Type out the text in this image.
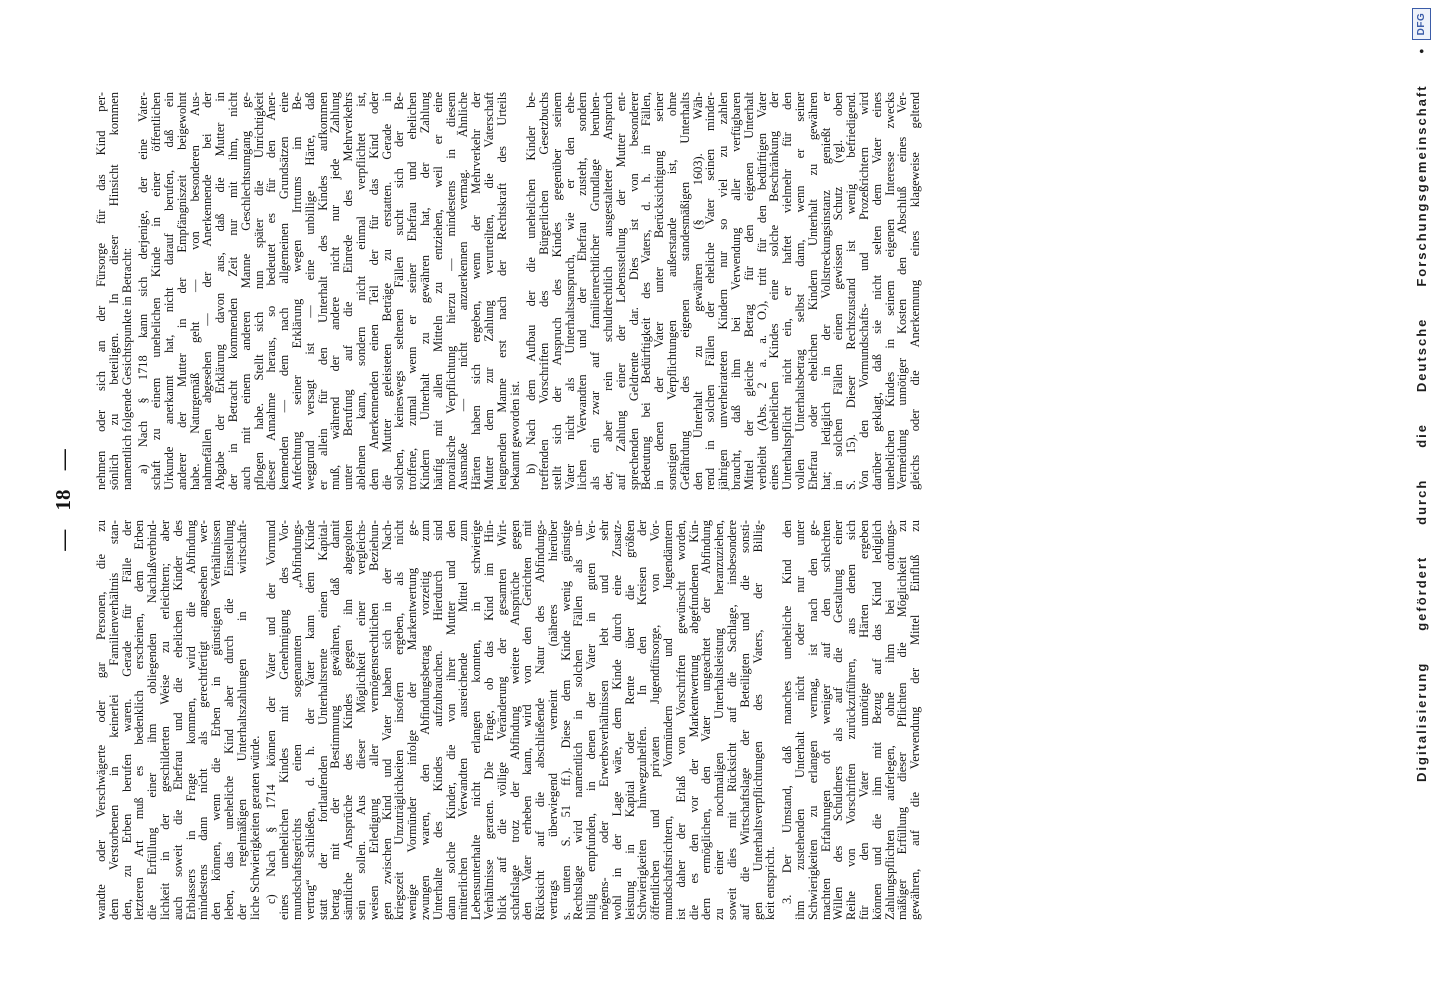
— 18 —
wandte oder Verschwägerte oder gar Personen, die zu
dem Verstorbenen in keinerlei Familienverhältnis stan-
den, zu Erben berufen waren. Gerade für Fälle der
letzteren Art muß es bedenklich erscheinen, dem Erben
die Erfüllung einer ihm obliegenden Nachlaßverbind-
lichkeit in der geschilderten Weise zu erleichtern; aber
auch soweit die Ehefrau und die ehelichen Kinder des
Erblassers in Frage kommen, wird die Abfindung
mindestens dann nicht als gerechtfertigt angesehen wer-
den können, wenn die Erben in günstigen Verhältnissen
leben, das uneheliche Kind aber durch die Einstellung
der regelmäßigen Unterhaltszahlungen in wirtschaft-
liche Schwierigkeiten geraten würde. c) Nach § 1714 können der Vater und der Vormund
eines unehelichen Kindes mit Genehmigung des Vor-
mundschaftsgerichts einen sogenannten „Abfindungs-
vertrag“ schließen, d. h. der Vater kann dem Kinde
statt der fortlaufenden Unterhaltsrente einen Kapital-
betrag mit der Bestimmung gewähren, daß damit
sämtliche Ansprüche des Kindes gegen ihn abgegolten
sein sollen. Aus dieser Möglichkeit einer vergleichs-
weisen Erledigung aller vermögensrechtlichen Beziehun-
gen zwischen Kind und Vater haben sich in der Nach-
kriegszeit Unzuträglichkeiten insofern ergeben, als nicht
wenige Vormünder infolge der Markentwertung ge-
zwungen waren, den Abfindungsbetrag vorzeitig zum
Unterhalte des Kindes aufzubrauchen. Hierdurch sind
dann solche Kinder, die von ihrer Mutter und den
mütterlichen Verwandten ausreichende Mittel zum
Lebensunterhalte nicht erlangen konnten, in schwierige
Verhältnisse geraten. Die Frage, ob das Kind im Hin-
blick auf die völlige Veränderung der gesamten Wirt-
schaftslage trotz der Abfindung weitere Ansprüche gegen
den Vater erheben kann, wird von den Gerichten mit
Rücksicht auf die abschließende Natur des Abfindungs-
vertrags überwiegend verneint (näheres hierüber
s. unten S. 51 ff.). Diese dem Kinde wenig günstige
Rechtslage wird namentlich in solchen Fällen als un-
billig empfunden, in denen der Vater in guten Ver-
mögens- oder Erwerbsverhältnissen lebt und sehr
wohl in der Lage wäre, dem Kinde durch eine Zusatz-
leistung in Kapital oder Rente über die größten
Schwierigkeiten hinwegzuhelfen. In den Kreisen der
öffentlichen und privaten Jugendfürsorge, von Vor-
mundschaftsrichtern, Vormündern und Jugendämtern
ist daher der Erlaß von Vorschriften gewünscht worden,
die es den vor der Markentwertung abgefundenen Kin-
dern ermöglichen, den Vater ungeachtet der Abfindung
zu einer nochmaligen Unterhaltsleistung heranzuziehen,
soweit dies mit Rücksicht auf die Sachlage, insbesondere
auf die Wirtschaftslage der Beteiligten und die sonsti-
gen Unterhaltsverpflichtungen des Vaters, der Billig-
keit entspricht. 3. Der Umstand, daß manches uneheliche Kind den
ihm zustehenden Unterhalt nicht oder nur unter
Schwierigkeiten zu erlangen vermag, ist nach den ge-
machten Erfahrungen oft weniger auf den schlechten
Willen des Schuldners als auf die Gestaltung einer
Reihe von Vorschriften zurückzuführen, aus denen sich
für den Vater unnötige Härten ergeben
können und die ihm mit Bezug auf das Kind lediglich
Zahlungspflichten auferlegen, ohne ihm bei ordnungs-
mäßiger Erfüllung dieser Pflichten die Möglichkeit zu
gewähren, auf die Verwendung der Mittel Einfluß zu
nehmen oder sich an der Fürsorge für das Kind per-
sönlich zu beteiligen. In dieser Hinsicht kommen
namentlich folgende Gesichtspunkte in Betracht: a) Nach § 1718 kann sich derjenige, der eine Vater-
schaft zu einem unehelichen Kinde in einer öffentlichen
Urkunde anerkannt hat, nicht darauf berufen, daß ein
anderer der Mutter in der Empfängniszeit beigewohnt
habe. Naturgemäß geht — von besonderen Aus-
nahmefällen abgesehen — der Anerkennende bei der
Abgabe der Erklärung davon aus, daß die Mutter in
der in Betracht kommenden Zeit nur mit ihm, nicht
auch mit einem anderen Manne Geschlechtsumgang ge-
pflogen habe. Stellt sich nun später die Unrichtigkeit
dieser Annahme heraus, so bedeutet es für den Aner-
kennenden — dem nach allgemeinen Grundsätzen eine
Anfechtung seiner Erklärung wegen Irrtums im Be-
weggrund versagt ist — eine unbillige Härte, daß
er allein für den Unterhalt des Kindes aufkommen
muß, während der andere nicht nur jede Zahlung
unter Berufung auf die Einrede des Mehrverkehrs
ablehnen kann, sondern nicht einmal verpflichtet ist,
dem Anerkennenden einen Teil der für das Kind oder
die Mutter geleisteten Beträge zu erstatten. Gerade in
solchen, keineswegs seltenen Fällen sucht sich der Be-
troffene, zumal wenn er seiner Ehefrau und ehelichen
Kindern Unterhalt zu gewähren hat, der Zahlung
häufig mit allen Mitteln zu entziehen, weil er eine
moralische Verpflichtung hierzu — mindestens in diesem
Ausmaße — nicht anzuerkennen vermag. Ähnliche
Härten haben sich ergeben, wenn der Mehrverkehr der
Mutter dem zur Zahlung verurteilten, die Vaterschaft
leugnenden Manne erst nach der Rechtskraft des Urteils
bekannt geworden ist. b) Nach dem Aufbau der die unehelichen Kinder be-
treffenden Vorschriften des Bürgerlichen Gesetzbuchs
stellt sich der Anspruch des Kindes gegenüber seinem
Vater nicht als Unterhaltsanspruch, wie er den ehe-
lichen Verwandten und der Ehefrau zusteht, sondern
als ein zwar auf familienrechtlicher Grundlage beruhen-
der, aber rein schuldrechtlich ausgestalteter Anspruch
auf Zahlung einer der Lebensstellung der Mutter ent-
sprechenden Geldrente dar. Dies ist von besonderer
Bedeutung bei Bedürftigkeit des Vaters, d. h. in Fällen,
in denen der Vater unter Berücksichtigung seiner
sonstigen Verpflichtungen außerstande ist, ohne
Gefährdung des eigenen standesmäßigen Unterhalts
den Unterhalt zu gewähren (§ 1603). Wäh-
rend in solchen Fällen der eheliche Vater seinen minder-
jährigen unverheirateten Kindern nur so viel zu zahlen
braucht, daß ihm bei Verwendung aller verfügbaren
Mittel der gleiche Betrag für den eigenen Unterhalt
verbleibt (Abs. 2 a. a. O.), tritt für den bedürftigen Vater
eines unehelichen Kindes eine solche Beschränkung der
Unterhaltspflicht nicht ein, er haftet vielmehr für den
vollen Unterhaltsbetrag selbst dann, wenn er seiner
Ehefrau oder ehelichen Kindern Unterhalt zu gewähren
hat; lediglich in der Vollstreckungsinstanz genießt er
in solchen Fällen einen gewissen Schutz (vgl. oben
S. 15). Dieser Rechtszustand ist wenig befriedigend.
Von den Vormundschafts- und Prozeßrichtern wird
darüber geklagt, daß sie nicht selten dem Vater eines
unehelichen Kindes in seinem eigenen Interesse zwecks
Vermeidung unnötiger Kosten den Abschluß eines Ver-
gleichs oder die Anerkennung eines klageweise geltend	Digitalisierung gefördert durch die Deutsche Forschungsgemeinschaft •
DFG
